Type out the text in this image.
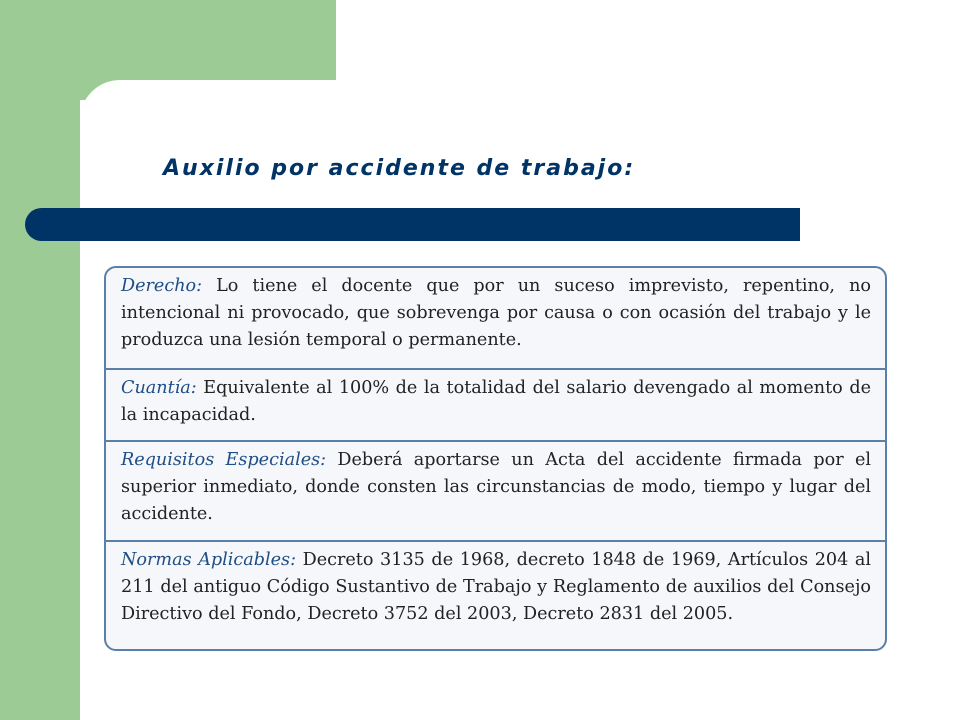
Auxilio por accidente de trabajo:
Derecho: Lo tiene el docente que por un suceso imprevisto, repentino, no intencional ni provocado, que sobrevenga por causa o con ocasión del trabajo y le produzca una lesión temporal o permanente.
Cuantía: Equivalente al 100% de la totalidad del salario devengado al momento de la incapacidad.
Requisitos Especiales: Deberá aportarse un Acta del accidente firmada por el superior inmediato, donde consten las circunstancias de modo, tiempo y lugar del accidente.
Normas Aplicables: Decreto 3135 de 1968, decreto 1848 de 1969, Artículos 204 al 211 del antiguo Código Sustantivo de Trabajo y Reglamento de auxilios del Consejo Directivo del Fondo, Decreto 3752 del 2003, Decreto 2831 del 2005.
